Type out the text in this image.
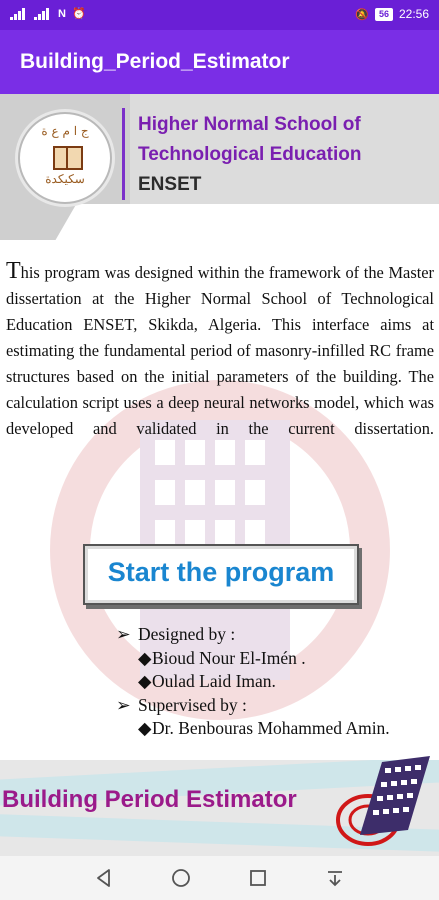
N ⏰	🔕	56 22:56
Building_Period_Estimator
ج ا م ع ة
سكيكدة
Higher Normal School of
Technological Education
ENSET
This program was designed within the framework of the Master dissertation at the Higher Normal School of Technological Education ENSET, Skikda, Algeria. This interface aims at estimating the fundamental period of masonry-infilled RC frame structures based on the initial parameters of the building. The calculation script uses a deep neural networks model, which was developed and validated in the current dissertation.
Start the program
➢ Designed by :
◆Bioud Nour El-Imén .
◆Oulad Laid Iman.
➢ Supervised by :
◆Dr. Benbouras Mohammed Amin.
Building Period Estimator
